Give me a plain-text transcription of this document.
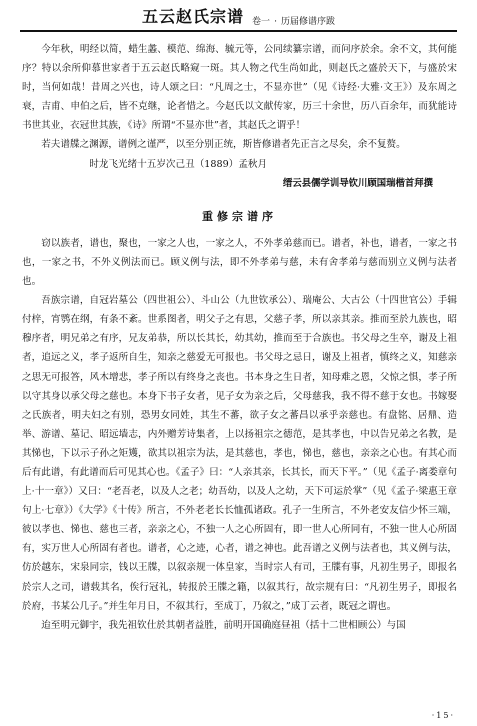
五云赵氏宗谱 卷一 · 历届修谱序跋

今年秋，明经以简，蜡生蠡、模范、绵海、毓元等，公同续纂宗谱，而问序於余。余不文，其何能序？特以余所仰慕世家者于五云赵氏略窥一斑。其人物之代生尚如此，则赵氏之盛於天下，与盛於宋时，当何如哉！昔周之兴也，诗人颂之曰：“凡周之士，不显亦世”（见《诗经·大雅·文王》）及东周之衰，吉甫、申伯之后，皆不克继，论者惜之。今赵氏以文献传家，历三十余世，历八百余年，而犹能诗书世其业，衣冠世其族，《诗》所谓“不显亦世”者，其赵氏之谓乎！

若夫谱牒之渊源，谱例之谨严，以至分别正统，斯皆修谱者先正言之尽矣，余不复赘。

时龙飞光绪十五岁次己丑（1889）孟秋月

缙云县儒学训导钦川顾国瑞楷首拜撰

重修宗谱序

窃以族者，谱也，聚也，一家之人也，一家之人，不外孝弟慈而已。谱者，补也，谱者，一家之书也，一家之书，不外义例法而已。顾义例与法，即不外孝弟与慈，未有舍孝弟与慈而别立义例与法者也。

吾族宗谱，自冠岩墓公（四世祖公）、斗山公（九世钦承公）、瑞庵公、大古公（十四世官公）手辑付梓，宵鹗在纲，有条不紊。世系图者，明父子之有思，父慈子孝，所以亲其亲。推而至於九族也，昭穆序者，明兄弟之有序，兄友弟恭，所以长其长，幼其幼，推而至于合族也。书父母之生卒，谢及上祖者，追远之义，孝子返所自生，知亲之慈爱无可报也。书父母之忌日，谢及上祖者，慎终之义，知慈亲之思无可报答，风木增悲，孝子所以有终身之丧也。书本身之生日者，知母难之恩，父惊之惧，孝子所以守其身以承父母之慈也。本身下书子女者，见子女为亲之后，父母慈我，我不得不慈于女也。书嫁娶之氏族者，明夫妇之有别，恐男女同姓，其生不蕃，欲子女之蕃昌以承乎亲慈也。有盘铭、居鼎、造举、游谱、墓记、昭远墙志，内外赠芳诗集者，上以扬祖宗之德范，是其孝也，中以告兄弟之名教，是其悌也，下以示子孙之矩矱，欲其以祖宗为法，是其慈也，孝也，悌也，慈也，亲亲之心也。有其心而后有此谱，有此谱而后可见其心也。《孟子》曰：“人亲其亲，长其长，而天下平。”（见《孟子·离娄章句上·十一章》）又曰：“老吾老，以及人之老；幼吾幼，以及人之幼，天下可运於掌”（见《孟子·梁惠王章句上·七章》）《大学》《十传》所言，不外老老长长恤孤诸政。孔子一生所言，不外老安友信少怀三端，彼以孝也、悌也、慈也三者，亲亲之心，不独一人之心所固有，即一世人心所同有，不独一世人心所固有，实万世人心所固有者也。谱者，心之迹，心者，谱之神也。此吾谱之义例与法者也，其义例与法，仿於越东，宋泉同宗，钱以王牒，以叙亲规一体皇家，当时宗人有司，王牒有事，凡初生男子，即报名於宗人之司，谱载其名，俟行冠礼，转报於王牒之籍，以叙其行，故宗规有曰：“凡初生男子，即报名於府，书某公几子。”并生年月日，不叙其行，至成丁，乃叙之，”成丁云者，既冠之谓也。

迨至明元御宇，我先祖钦仕於其朝者益胜，前明开国确庭昼祖（括十二世相顾公）与国

·15·
